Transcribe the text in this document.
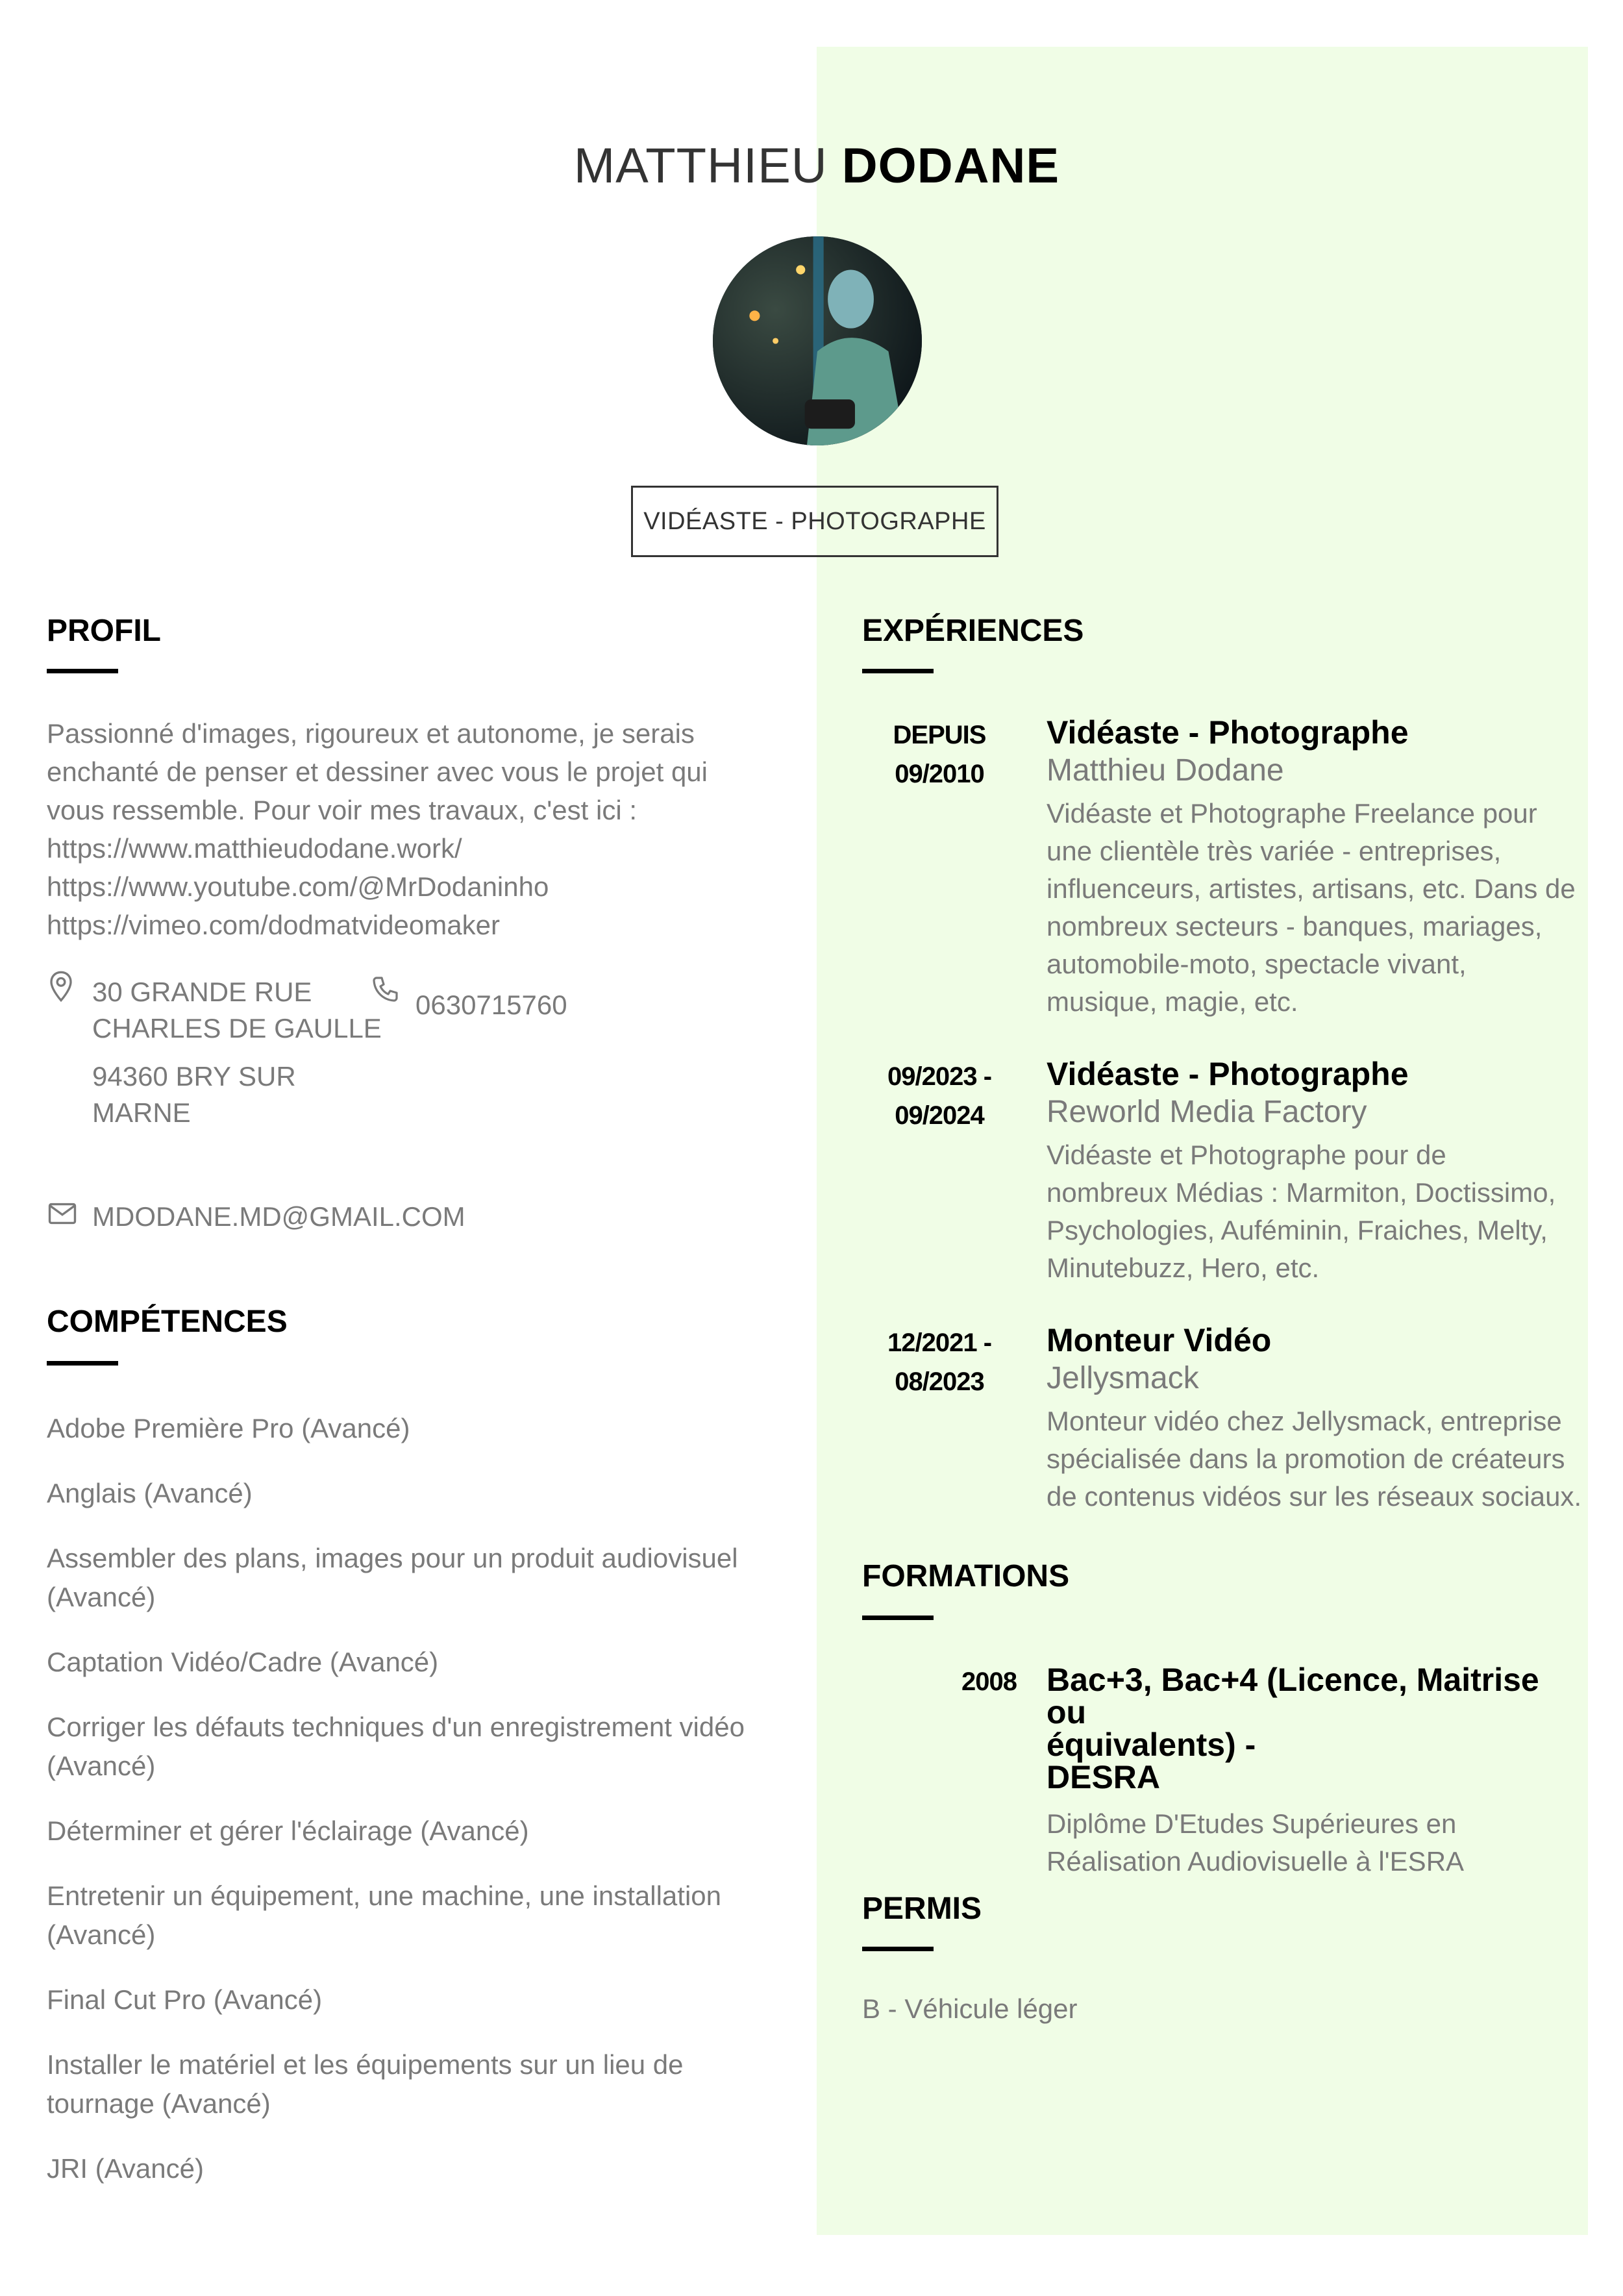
MATTHIEU DODANE
VIDÉASTE - PHOTOGRAPHE
PROFIL
Passionné d'images, rigoureux et autonome, je serais
enchanté de penser et dessiner avec vous le projet qui
vous ressemble. Pour voir mes travaux, c'est ici :
https://www.matthieudodane.work/
https://www.youtube.com/@MrDodaninho
https://vimeo.com/dodmatvideomaker
30 GRANDE RUE
CHARLES DE GAULLE
94360 BRY SUR
MARNE
0630715760
MDODANE.MD@GMAIL.COM
COMPÉTENCES
Adobe Première Pro (Avancé)
Anglais (Avancé)
Assembler des plans, images pour un produit audiovisuel
(Avancé)
Captation Vidéo/Cadre (Avancé)
Corriger les défauts techniques d'un enregistrement vidéo
(Avancé)
Déterminer et gérer l'éclairage (Avancé)
Entretenir un équipement, une machine, une installation
(Avancé)
Final Cut Pro (Avancé)
Installer le matériel et les équipements sur un lieu de
tournage (Avancé)
JRI (Avancé)
EXPÉRIENCES
DEPUIS
09/2010
Vidéaste - Photographe
Matthieu Dodane
Vidéaste et Photographe Freelance pour
une clientèle très variée - entreprises,
influenceurs, artistes, artisans, etc. Dans de
nombreux secteurs - banques, mariages,
automobile-moto, spectacle vivant,
musique, magie, etc.
09/2023 -
09/2024
Vidéaste - Photographe
Reworld Media Factory
Vidéaste et Photographe pour de
nombreux Médias : Marmiton, Doctissimo,
Psychologies, Auféminin, Fraiches, Melty,
Minutebuzz, Hero, etc.
12/2021 -
08/2023
Monteur Vidéo
Jellysmack
Monteur vidéo chez Jellysmack, entreprise
spécialisée dans la promotion de créateurs
de contenus vidéos sur les réseaux sociaux.
FORMATIONS
2008 Bac+3, Bac+4 (Licence, Maitrise ou
équivalents) -
DESRA
Diplôme D'Etudes Supérieures en
Réalisation Audiovisuelle à l'ESRA
PERMIS
B - Véhicule léger
